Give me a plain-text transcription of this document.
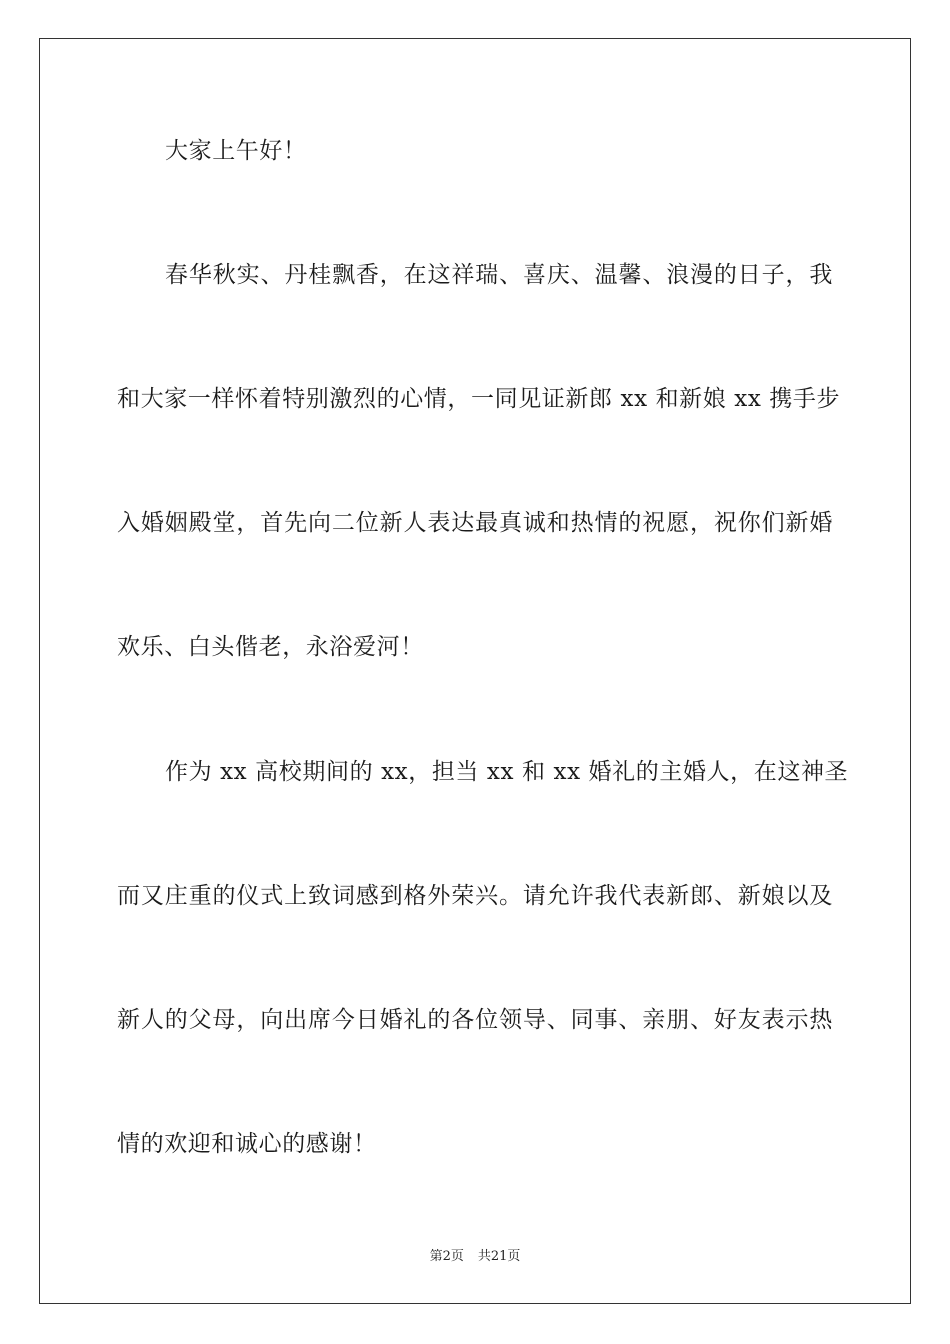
大家上午好！
春华秋实、丹桂飘香，在这祥瑞、喜庆、温馨、浪漫的日子，我
和大家一样怀着特别激烈的心情，一同见证新郎 xx 和新娘 xx 携手步
入婚姻殿堂，首先向二位新人表达最真诚和热情的祝愿，祝你们新婚
欢乐、白头偕老，永浴爱河！
作为 xx 高校期间的 xx，担当 xx 和 xx 婚礼的主婚人，在这神圣
而又庄重的仪式上致词感到格外荣兴。请允许我代表新郎、新娘以及
新人的父母，向出席今日婚礼的各位领导、同事、亲朋、好友表示热
情的欢迎和诚心的感谢！
第2页 共21页
